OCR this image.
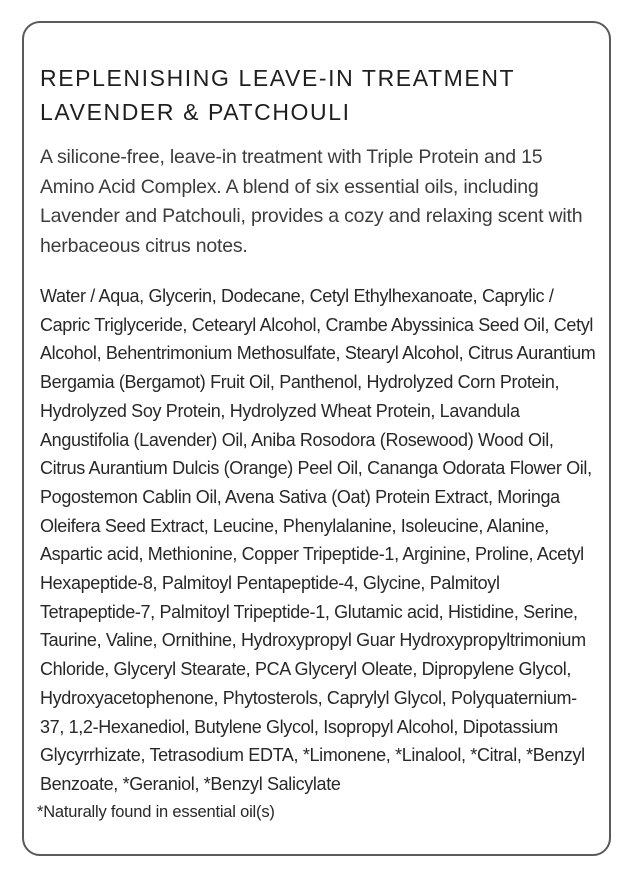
REPLENISHING LEAVE-IN TREATMENT
LAVENDER & PATCHOULI

A silicone-free, leave-in treatment with Triple Protein and 15 Amino Acid Complex. A blend of six essential oils, including Lavender and Patchouli, provides a cozy and relaxing scent with herbaceous citrus notes.

Water / Aqua, Glycerin, Dodecane, Cetyl Ethylhexanoate, Caprylic / Capric Triglyceride, Cetearyl Alcohol, Crambe Abyssinica Seed Oil, Cetyl Alcohol, Behentrimonium Methosulfate, Stearyl Alcohol, Citrus Aurantium Bergamia (Bergamot) Fruit Oil, Panthenol, Hydrolyzed Corn Protein, Hydrolyzed Soy Protein, Hydrolyzed Wheat Protein, Lavandula Angustifolia (Lavender) Oil, Aniba Rosodora (Rosewood) Wood Oil, Citrus Aurantium Dulcis (Orange) Peel Oil, Cananga Odorata Flower Oil, Pogostemon Cablin Oil, Avena Sativa (Oat) Protein Extract, Moringa Oleifera Seed Extract, Leucine, Phenylalanine, Isoleucine, Alanine, Aspartic acid, Methionine, Copper Tripeptide-1, Arginine, Proline, Acetyl Hexapeptide-8, Palmitoyl Pentapeptide-4, Glycine, Palmitoyl Tetrapeptide-7, Palmitoyl Tripeptide-1, Glutamic acid, Histidine, Serine, Taurine, Valine, Ornithine, Hydroxypropyl Guar Hydroxypropyltrimonium Chloride, Glyceryl Stearate, PCA Glyceryl Oleate, Dipropylene Glycol, Hydroxyacetophenone, Phytosterols, Caprylyl Glycol, Polyquaternium-37, 1,2-Hexanediol, Butylene Glycol, Isopropyl Alcohol, Dipotassium Glycyrrhizate, Tetrasodium EDTA, *Limonene, *Linalool, *Citral, *Benzyl Benzoate, *Geraniol, *Benzyl Salicylate

*Naturally found in essential oil(s)
